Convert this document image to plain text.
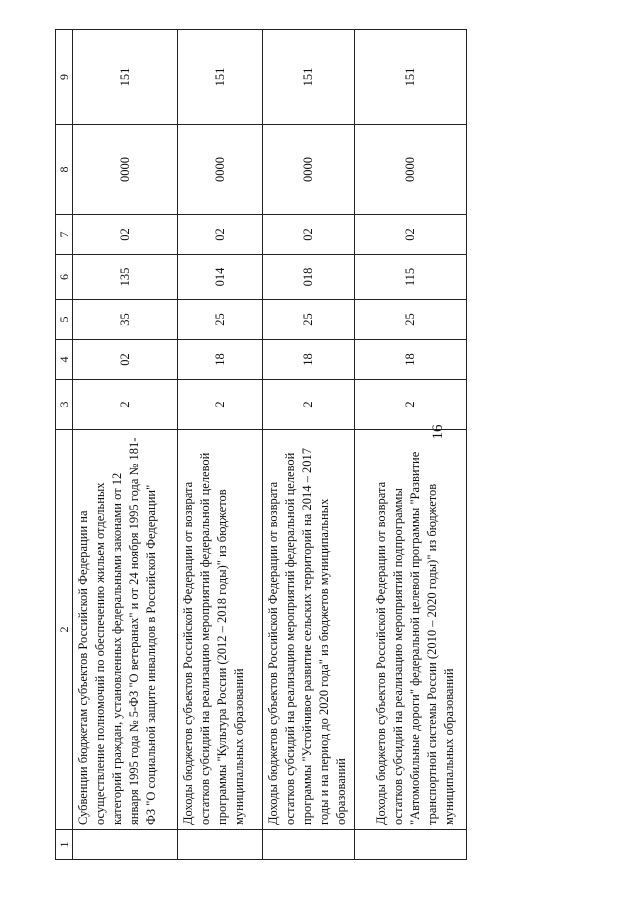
16
1	2	3	4	5	6	7	8	9
	Субвенции бюджетам субъектов Российской Федерации на осуществление полномочий по обеспечению жильем отдельных категорий граждан, установленных федеральными законами от 12 января 1995 года № 5-ФЗ "О ветеранах" и от 24 ноября 1995 года № 181-ФЗ "О социальной защите инвалидов в Российской Федерации"	2	02	35	135	02	0000	151
	Доходы бюджетов субъектов Российской Федерации от возврата остатков субсидий на реализацию мероприятий федеральной целевой программы "Культура России (2012 – 2018 годы)" из бюджетов муниципальных образований	2	18	25	014	02	0000	151
	Доходы бюджетов субъектов Российской Федерации от возврата остатков субсидий на реализацию мероприятий федеральной целевой программы "Устойчивое развитие сельских территорий на 2014 – 2017 годы и на период до 2020 года" из бюджетов муниципальных образований	2	18	25	018	02	0000	151
	Доходы бюджетов субъектов Российской Федерации от возврата остатков субсидий на реализацию мероприятий подпрограммы "Автомобильные дороги" федеральной целевой программы "Развитие транспортной системы России (2010 – 2020 годы)" из бюджетов муниципальных образований	2	18	25	115	02	0000	151
